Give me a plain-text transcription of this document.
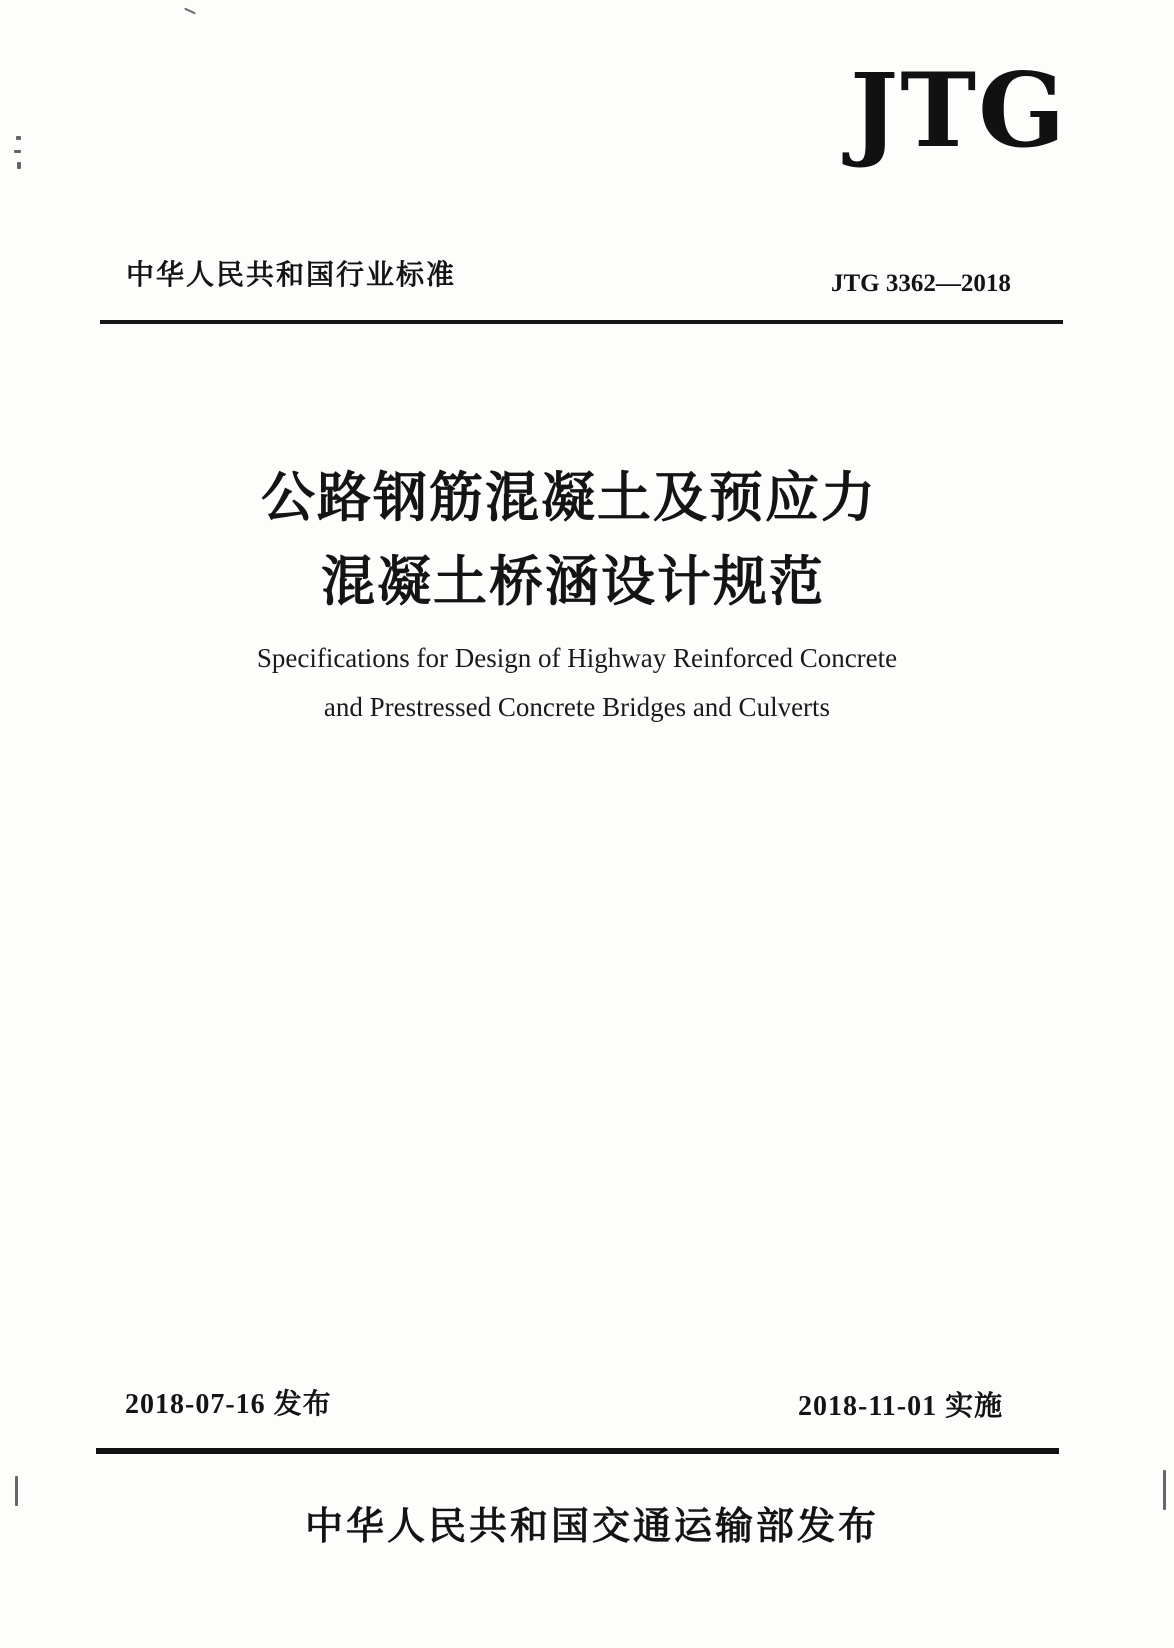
JTG
中华人民共和国行业标准	JTG 3362—2018
公路钢筋混凝土及预应力
混凝土桥涵设计规范
Specifications for Design of Highway Reinforced Concrete
and Prestressed Concrete Bridges and Culverts
2018-07-16 发布	2018-11-01 实施
中华人民共和国交通运输部发布
